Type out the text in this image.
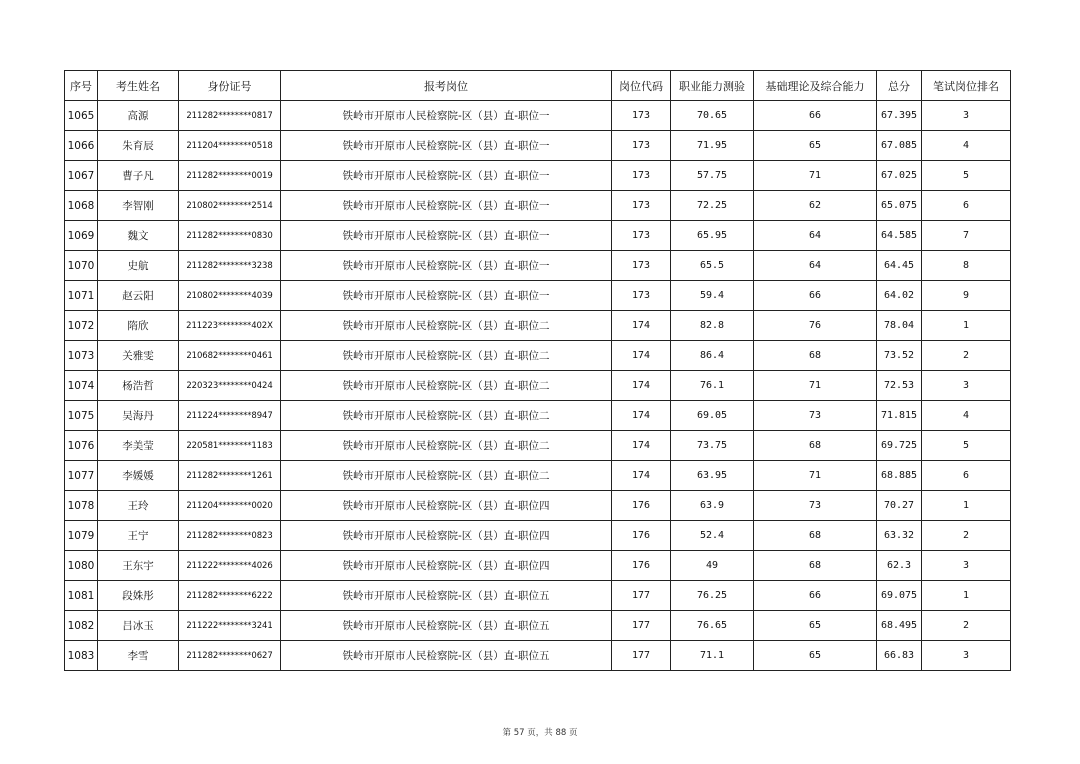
序号	考生姓名	身份证号	报考岗位	岗位代码	职业能力测验	基础理论及综合能力	总分	笔试岗位排名
1065	高源	211282********0817	铁岭市开原市人民检察院-区（县）直-职位一	173	70.65	66	67.395	3
1066	朱育辰	211204********0518	铁岭市开原市人民检察院-区（县）直-职位一	173	71.95	65	67.085	4
1067	曹子凡	211282********0019	铁岭市开原市人民检察院-区（县）直-职位一	173	57.75	71	67.025	5
1068	李智刚	210802********2514	铁岭市开原市人民检察院-区（县）直-职位一	173	72.25	62	65.075	6
1069	魏文	211282********0830	铁岭市开原市人民检察院-区（县）直-职位一	173	65.95	64	64.585	7
1070	史航	211282********3238	铁岭市开原市人民检察院-区（县）直-职位一	173	65.5	64	64.45	8
1071	赵云阳	210802********4039	铁岭市开原市人民检察院-区（县）直-职位一	173	59.4	66	64.02	9
1072	隋欣	211223********402X	铁岭市开原市人民检察院-区（县）直-职位二	174	82.8	76	78.04	1
1073	关雅雯	210682********0461	铁岭市开原市人民检察院-区（县）直-职位二	174	86.4	68	73.52	2
1074	杨浩哲	220323********0424	铁岭市开原市人民检察院-区（县）直-职位二	174	76.1	71	72.53	3
1075	吴海丹	211224********8947	铁岭市开原市人民检察院-区（县）直-职位二	174	69.05	73	71.815	4
1076	李美莹	220581********1183	铁岭市开原市人民检察院-区（县）直-职位二	174	73.75	68	69.725	5
1077	李媛媛	211282********1261	铁岭市开原市人民检察院-区（县）直-职位二	174	63.95	71	68.885	6
1078	王玲	211204********0020	铁岭市开原市人民检察院-区（县）直-职位四	176	63.9	73	70.27	1
1079	王宁	211282********0823	铁岭市开原市人民检察院-区（县）直-职位四	176	52.4	68	63.32	2
1080	王东宇	211222********4026	铁岭市开原市人民检察院-区（县）直-职位四	176	49	68	62.3	3
1081	段姝彤	211282********6222	铁岭市开原市人民检察院-区（县）直-职位五	177	76.25	66	69.075	1
1082	吕冰玉	211222********3241	铁岭市开原市人民检察院-区（县）直-职位五	177	76.65	65	68.495	2
1083	李雪	211282********0627	铁岭市开原市人民检察院-区（县）直-职位五	177	71.1	65	66.83	3
第 57 页，共 88 页
